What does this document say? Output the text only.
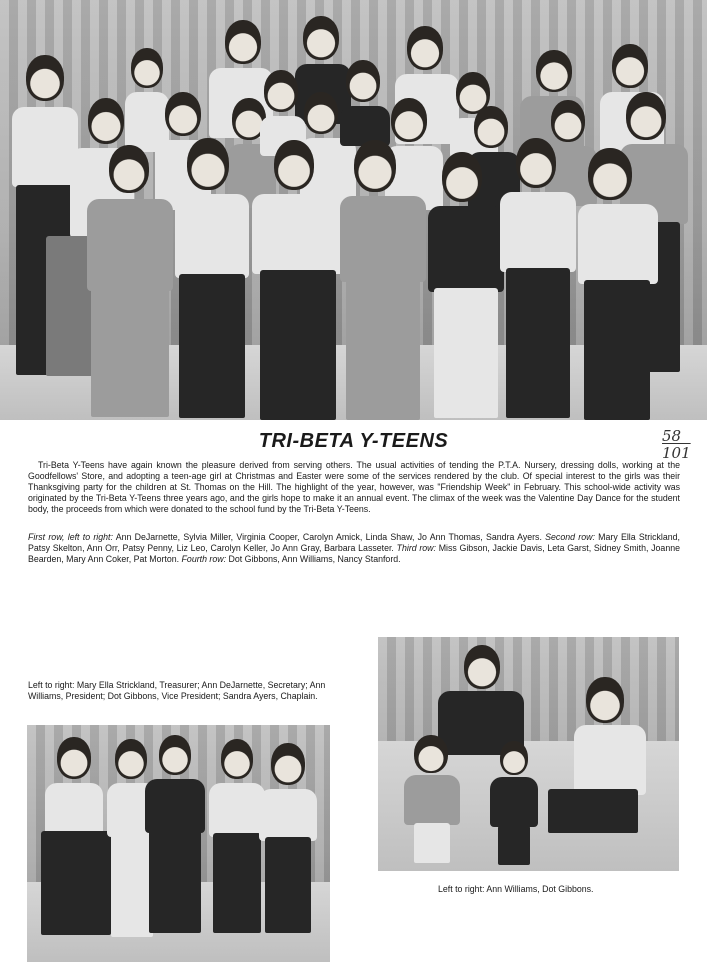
TRI-BETA Y-TEENS	58
101

Tri-Beta Y-Teens have again known the pleasure derived from serving others. The usual activities of tending the P.T.A. Nursery, dressing dolls, working at the Goodfellows' Store, and adopting a teen-age girl at Christmas and Easter were some of the services rendered by the club. Of special interest to the girls was their Thanksgiving party for the children at St. Thomas on the Hill. The highlight of the year, however, was "Friendship Week" in February. This school-wide activity was originated by the Tri-Beta Y-Teens three years ago, and the girls hope to make it an annual event. The climax of the week was the Valentine Day Dance for the student body, the proceeds from which were donated to the school fund by the Tri-Beta Y-Teens.

First row, left to right: Ann DeJarnette, Sylvia Miller, Virginia Cooper, Carolyn Amick, Linda Shaw, Jo Ann Thomas, Sandra Ayers. Second row: Mary Ella Strickland, Patsy Skelton, Ann Orr, Patsy Penny, Liz Leo, Carolyn Keller, Jo Ann Gray, Barbara Lasseter. Third row: Miss Gibson, Jackie Davis, Leta Garst, Sidney Smith, Joanne Bearden, Mary Ann Coker, Pat Morton. Fourth row: Dot Gibbons, Ann Williams, Nancy Stanford.

Left to right: Mary Ella Strickland, Treasurer; Ann DeJarnette, Secretary; Ann Williams, President; Dot Gibbons, Vice President; Sandra Ayers, Chaplain.

Left to right: Ann Williams, Dot Gibbons.
